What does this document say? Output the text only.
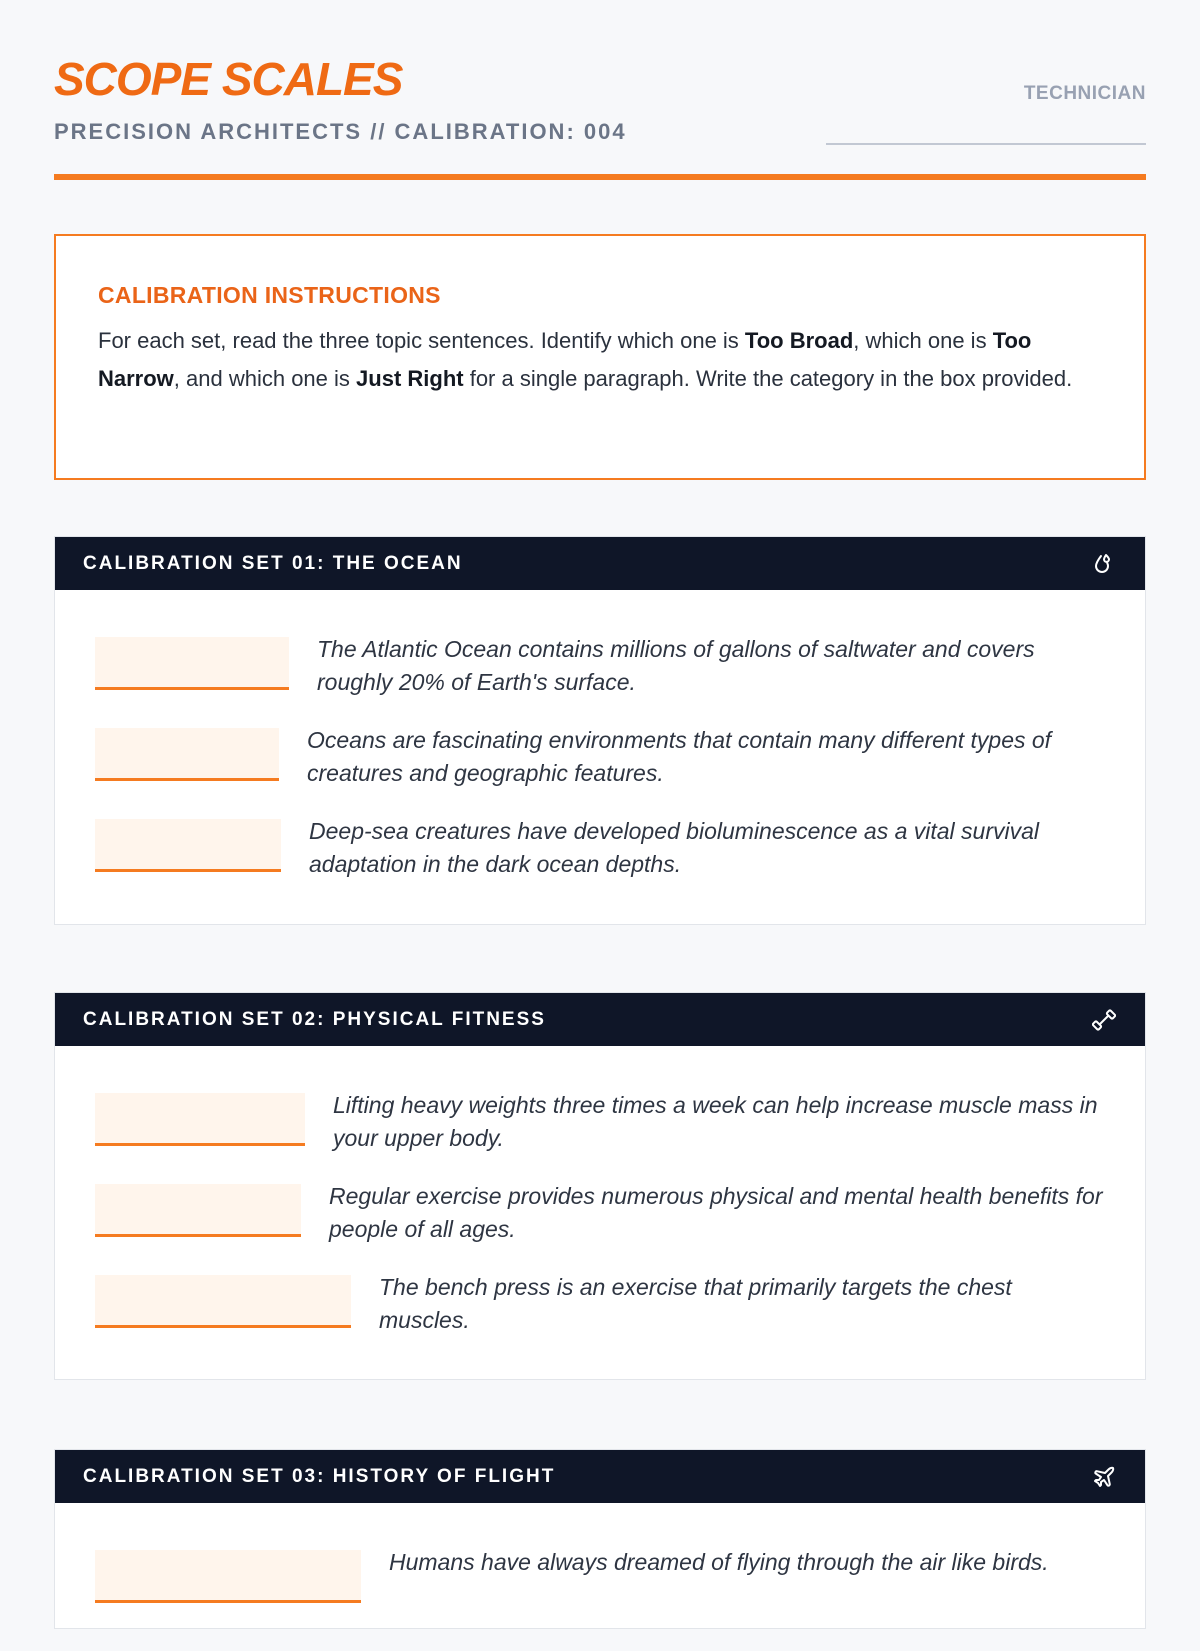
SCOPE SCALES
PRECISION ARCHITECTS // CALIBRATION: 004
TECHNICIAN
CALIBRATION INSTRUCTIONS

For each set, read the three topic sentences. Identify which one is Too Broad, which one is Too Narrow, and which one is Just Right for a single paragraph. Write the category in the box provided.

CALIBRATION SET 01: THE OCEAN
The Atlantic Ocean contains millions of gallons of saltwater and covers roughly 20% of Earth's surface.
Oceans are fascinating environments that contain many different types of creatures and geographic features.
Deep-sea creatures have developed bioluminescence as a vital survival adaptation in the dark ocean depths.
CALIBRATION SET 02: PHYSICAL FITNESS
Lifting heavy weights three times a week can help increase muscle mass in your upper body.
Regular exercise provides numerous physical and mental health benefits for people of all ages.
The bench press is an exercise that primarily targets the chest muscles.
CALIBRATION SET 03: HISTORY OF FLIGHT
Humans have always dreamed of flying through the air like birds.
